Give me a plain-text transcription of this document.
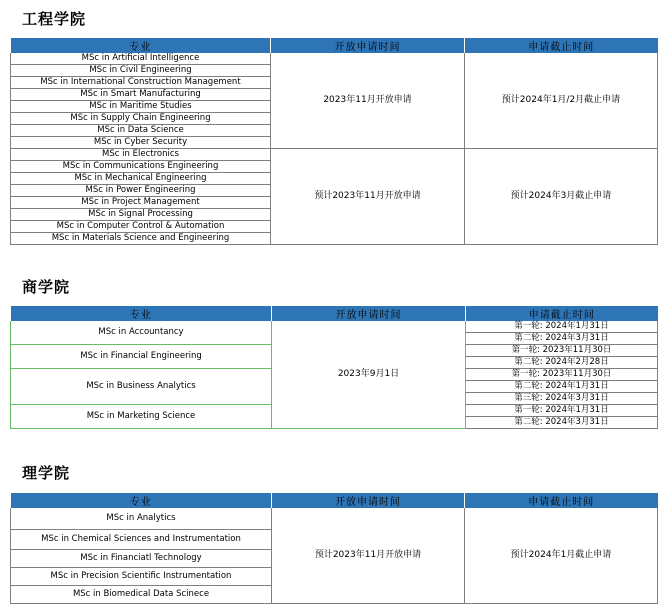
工程学院
专业	开放申请时间	申请截止时间
MSc in Artificial Intelligence	2023年11月开放申请	预计2024年1月/2月截止申请
MSc in Civil Engineering		
MSc in International Construction Management		
MSc in Smart Manufacturing		
MSc in Maritime Studies		
MSc in Supply Chain Engineering		
MSc in Data Science		
MSc in Cyber Security		
MSc in Electronics	预计2023年11月开放申请	预计2024年3月截止申请
MSc in Communications Engineering		
MSc in Mechanical Engineering		
MSc in Power Engineering		
MSc in Project Management		
MSc in Signal Processing		
MSc in Computer Control & Automation		
MSc in Materials Science and Engineering		
商学院
专业	开放申请时间	申请截止时间
MSc in Accountancy	2023年9月1日	第一轮: 2024年1月31日
		第二轮: 2024年3月31日
MSc in Financial Engineering		第一轮: 2023年11月30日
		第二轮: 2024年2月28日
MSc in Business Analytics		第一轮: 2023年11月30日
		第二轮: 2024年1月31日
		第三轮: 2024年3月31日
MSc in Marketing Science		第一轮: 2024年1月31日
		第二轮: 2024年3月31日
理学院
专业	开放申请时间	申请截止时间
MSc in Analytics	预计2023年11月开放申请	预计2024年1月截止申请
MSc in Chemical Sciences and Instrumentation		
MSc in Financiatl Technology		
MSc in Precision Scientific Instrumentation		
MSc in Biomedical Data Scinece		
